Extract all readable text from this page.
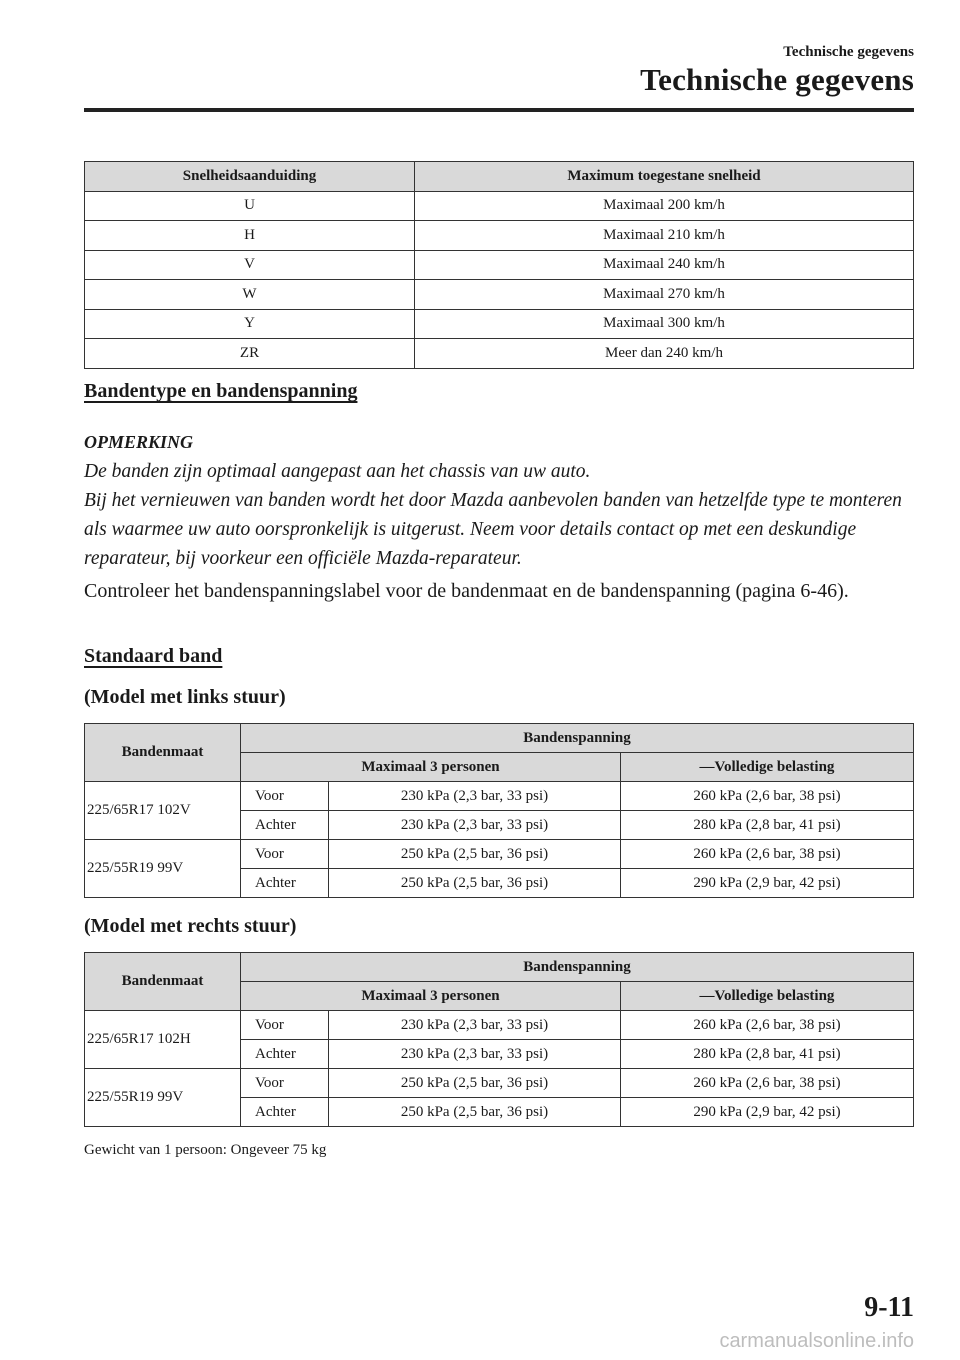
Technische gegevens
Technische gegevens
Snelheidsaanduiding	Maximum toegestane snelheid
U	Maximaal 200 km/h
H	Maximaal 210 km/h
V	Maximaal 240 km/h
W	Maximaal 270 km/h
Y	Maximaal 300 km/h
ZR	Meer dan 240 km/h
Bandentype en bandenspanning
OPMERKING
De banden zijn optimaal aangepast aan het chassis van uw auto.
Bij het vernieuwen van banden wordt het door Mazda aanbevolen banden van hetzelfde type te monteren als waarmee uw auto oorspronkelijk is uitgerust. Neem voor details contact op met een deskundige reparateur, bij voorkeur een officiële Mazda-reparateur.
Controleer het bandenspanningslabel voor de bandenmaat en de bandenspanning (pagina 6-46).
Standaard band
(Model met links stuur)
Bandenmaat	Bandenspanning		
	Maximaal 3 personen		—Volledige belasting
225/65R17 102V	Voor	230 kPa (2,3 bar, 33 psi)	260 kPa (2,6 bar, 38 psi)
	Achter	230 kPa (2,3 bar, 33 psi)	280 kPa (2,8 bar, 41 psi)
225/55R19 99V	Voor	250 kPa (2,5 bar, 36 psi)	260 kPa (2,6 bar, 38 psi)
	Achter	250 kPa (2,5 bar, 36 psi)	290 kPa (2,9 bar, 42 psi)
(Model met rechts stuur)
Bandenmaat	Bandenspanning		
	Maximaal 3 personen		—Volledige belasting
225/65R17 102H	Voor	230 kPa (2,3 bar, 33 psi)	260 kPa (2,6 bar, 38 psi)
	Achter	230 kPa (2,3 bar, 33 psi)	280 kPa (2,8 bar, 41 psi)
225/55R19 99V	Voor	250 kPa (2,5 bar, 36 psi)	260 kPa (2,6 bar, 38 psi)
	Achter	250 kPa (2,5 bar, 36 psi)	290 kPa (2,9 bar, 42 psi)
Gewicht van 1 persoon: Ongeveer 75 kg
9-11
carmanualsonline.info
